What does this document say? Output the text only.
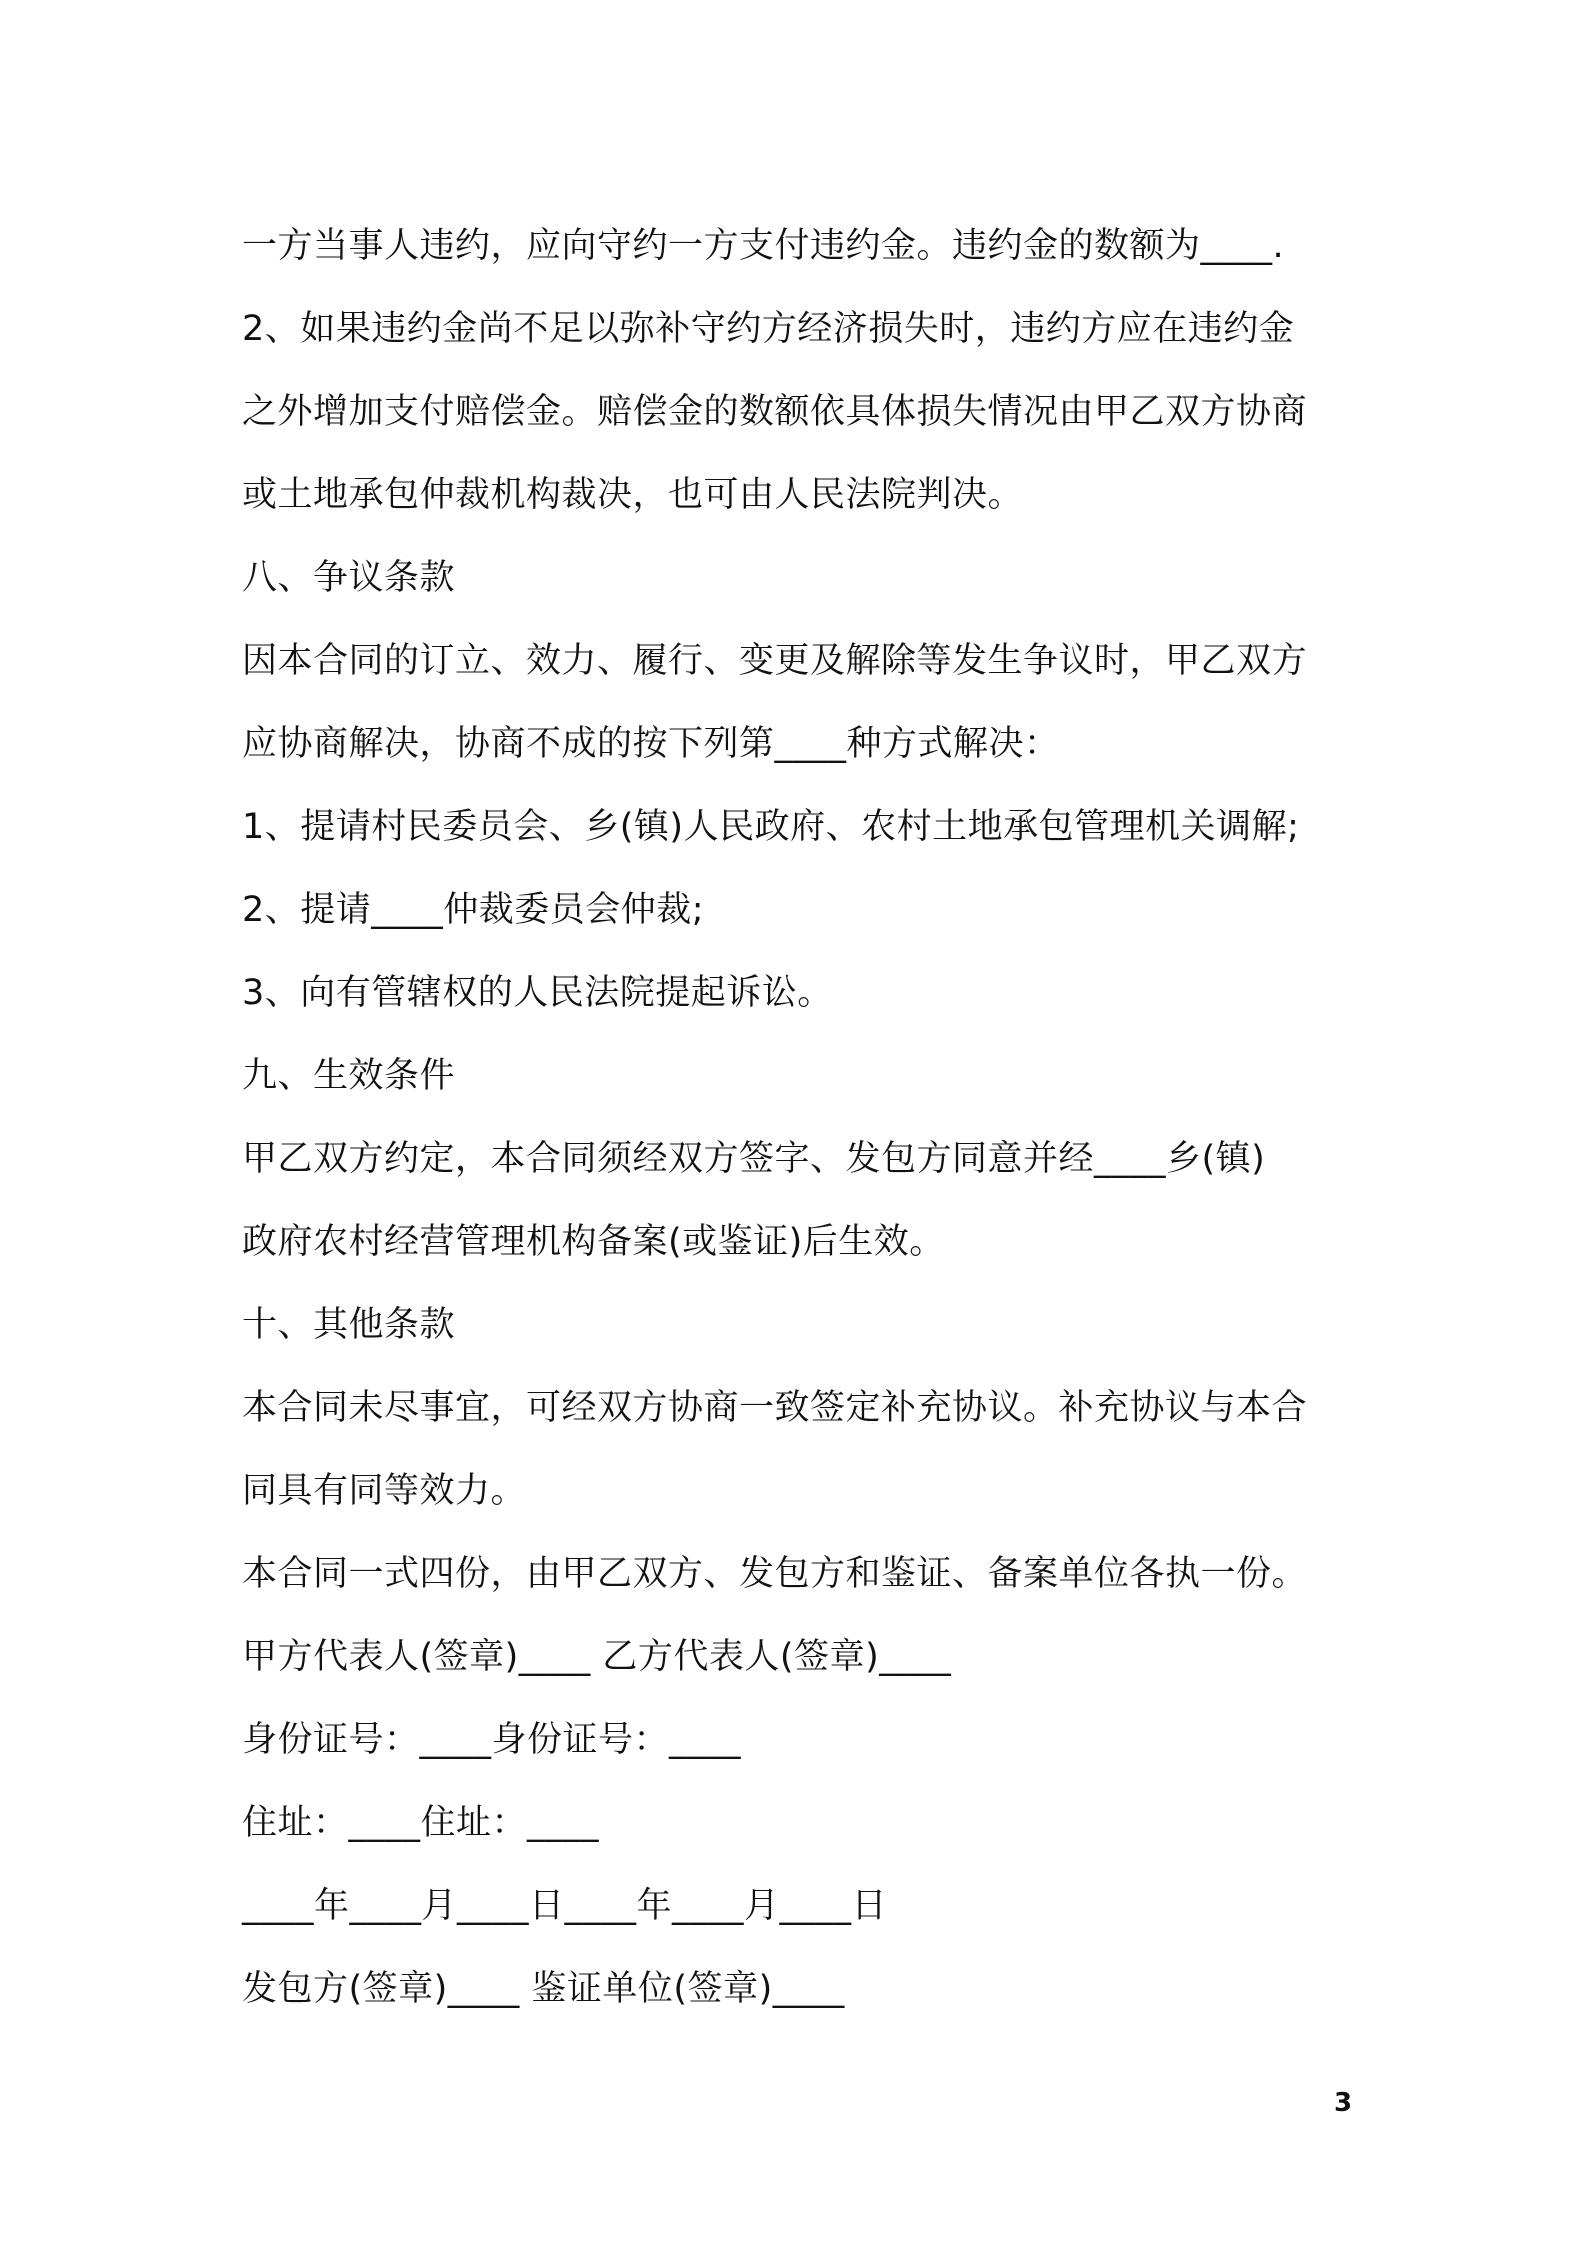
一方当事人违约，应向守约一方支付违约金。违约金的数额为____.
2、如果违约金尚不足以弥补守约方经济损失时，违约方应在违约金
之外增加支付赔偿金。赔偿金的数额依具体损失情况由甲乙双方协商
或土地承包仲裁机构裁决，也可由人民法院判决。
八、争议条款
因本合同的订立、效力、履行、变更及解除等发生争议时，甲乙双方
应协商解决，协商不成的按下列第____种方式解决：
1、提请村民委员会、乡(镇)人民政府、农村土地承包管理机关调解;
2、提请____仲裁委员会仲裁;
3、向有管辖权的人民法院提起诉讼。
九、生效条件
甲乙双方约定，本合同须经双方签字、发包方同意并经____乡(镇)
政府农村经营管理机构备案(或鉴证)后生效。
十、其他条款
本合同未尽事宜，可经双方协商一致签定补充协议。补充协议与本合
同具有同等效力。
本合同一式四份，由甲乙双方、发包方和鉴证、备案单位各执一份。
甲方代表人(签章)____ 乙方代表人(签章)____
身份证号：____身份证号：____
住址：____住址：____
____年____月____日____年____月____日
发包方(签章)____ 鉴证单位(签章)____
3
